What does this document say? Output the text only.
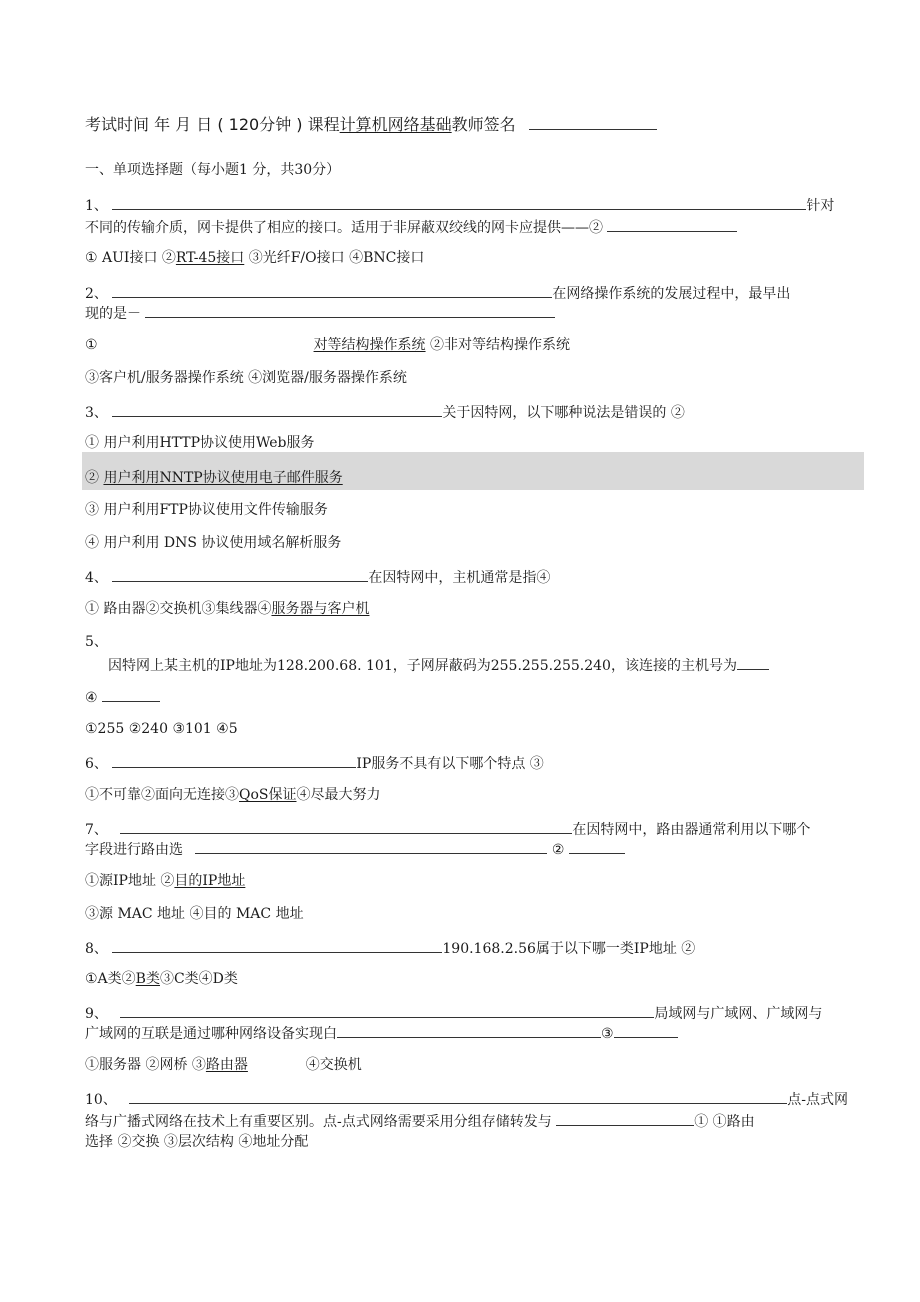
考试时间 年 月 日 ( 120分钟 ) 课程计算机网络基础教师签名
一、单项选择题（每小题1 分，共30分）
1、	针对
不同的传输介质，网卡提供了相应的接口。适用于非屏蔽双绞线的网卡应提供——②
① AUI接口 ②RT-45接口 ③光纤F/O接口 ④BNC接口
2、	在网络操作系统的发展过程中，最早出
现的是－
①	对等结构操作系统 ②非对等结构操作系统
③客户机/服务器操作系统 ④浏览器/服务器操作系统
3、	关于因特网，以下哪种说法是错误的 ②
① 用户利用HTTP协议使用Web服务
② 用户利用NNTP协议使用电子邮件服务
③ 用户利用FTP协议使用文件传输服务
④ 用户利用 DNS 协议使用域名解析服务
4、	在因特网中，主机通常是指④
① 路由器②交换机③集线器④服务器与客户机
5、
因特网上某主机的IP地址为128.200.68. 101，子网屏蔽码为255.255.255.240，该连接的主机号为
④
①255 ②240 ③101 ④5
6、	IP服务不具有以下哪个特点 ③
①不可靠②面向无连接③QoS保证④尽最大努力
7、	在因特网中，路由器通常利用以下哪个
字段进行路由选	②
①源IP地址 ②目的IP地址
③源 MAC 地址 ④目的 MAC 地址
8、	190.168.2.56属于以下哪一类IP地址 ②
①A类②B类③C类④D类
9、	局域网与广域网、广域网与
广域网的互联是通过哪种网络设备实现白	③
①服务器 ②网桥 ③路由器             ④交换机
10、	点-点式网
络与广播式网络在技术上有重要区别。点-点式网络需要采用分组存储转发与	① ①路由
选择 ②交换 ③层次结构 ④地址分配
